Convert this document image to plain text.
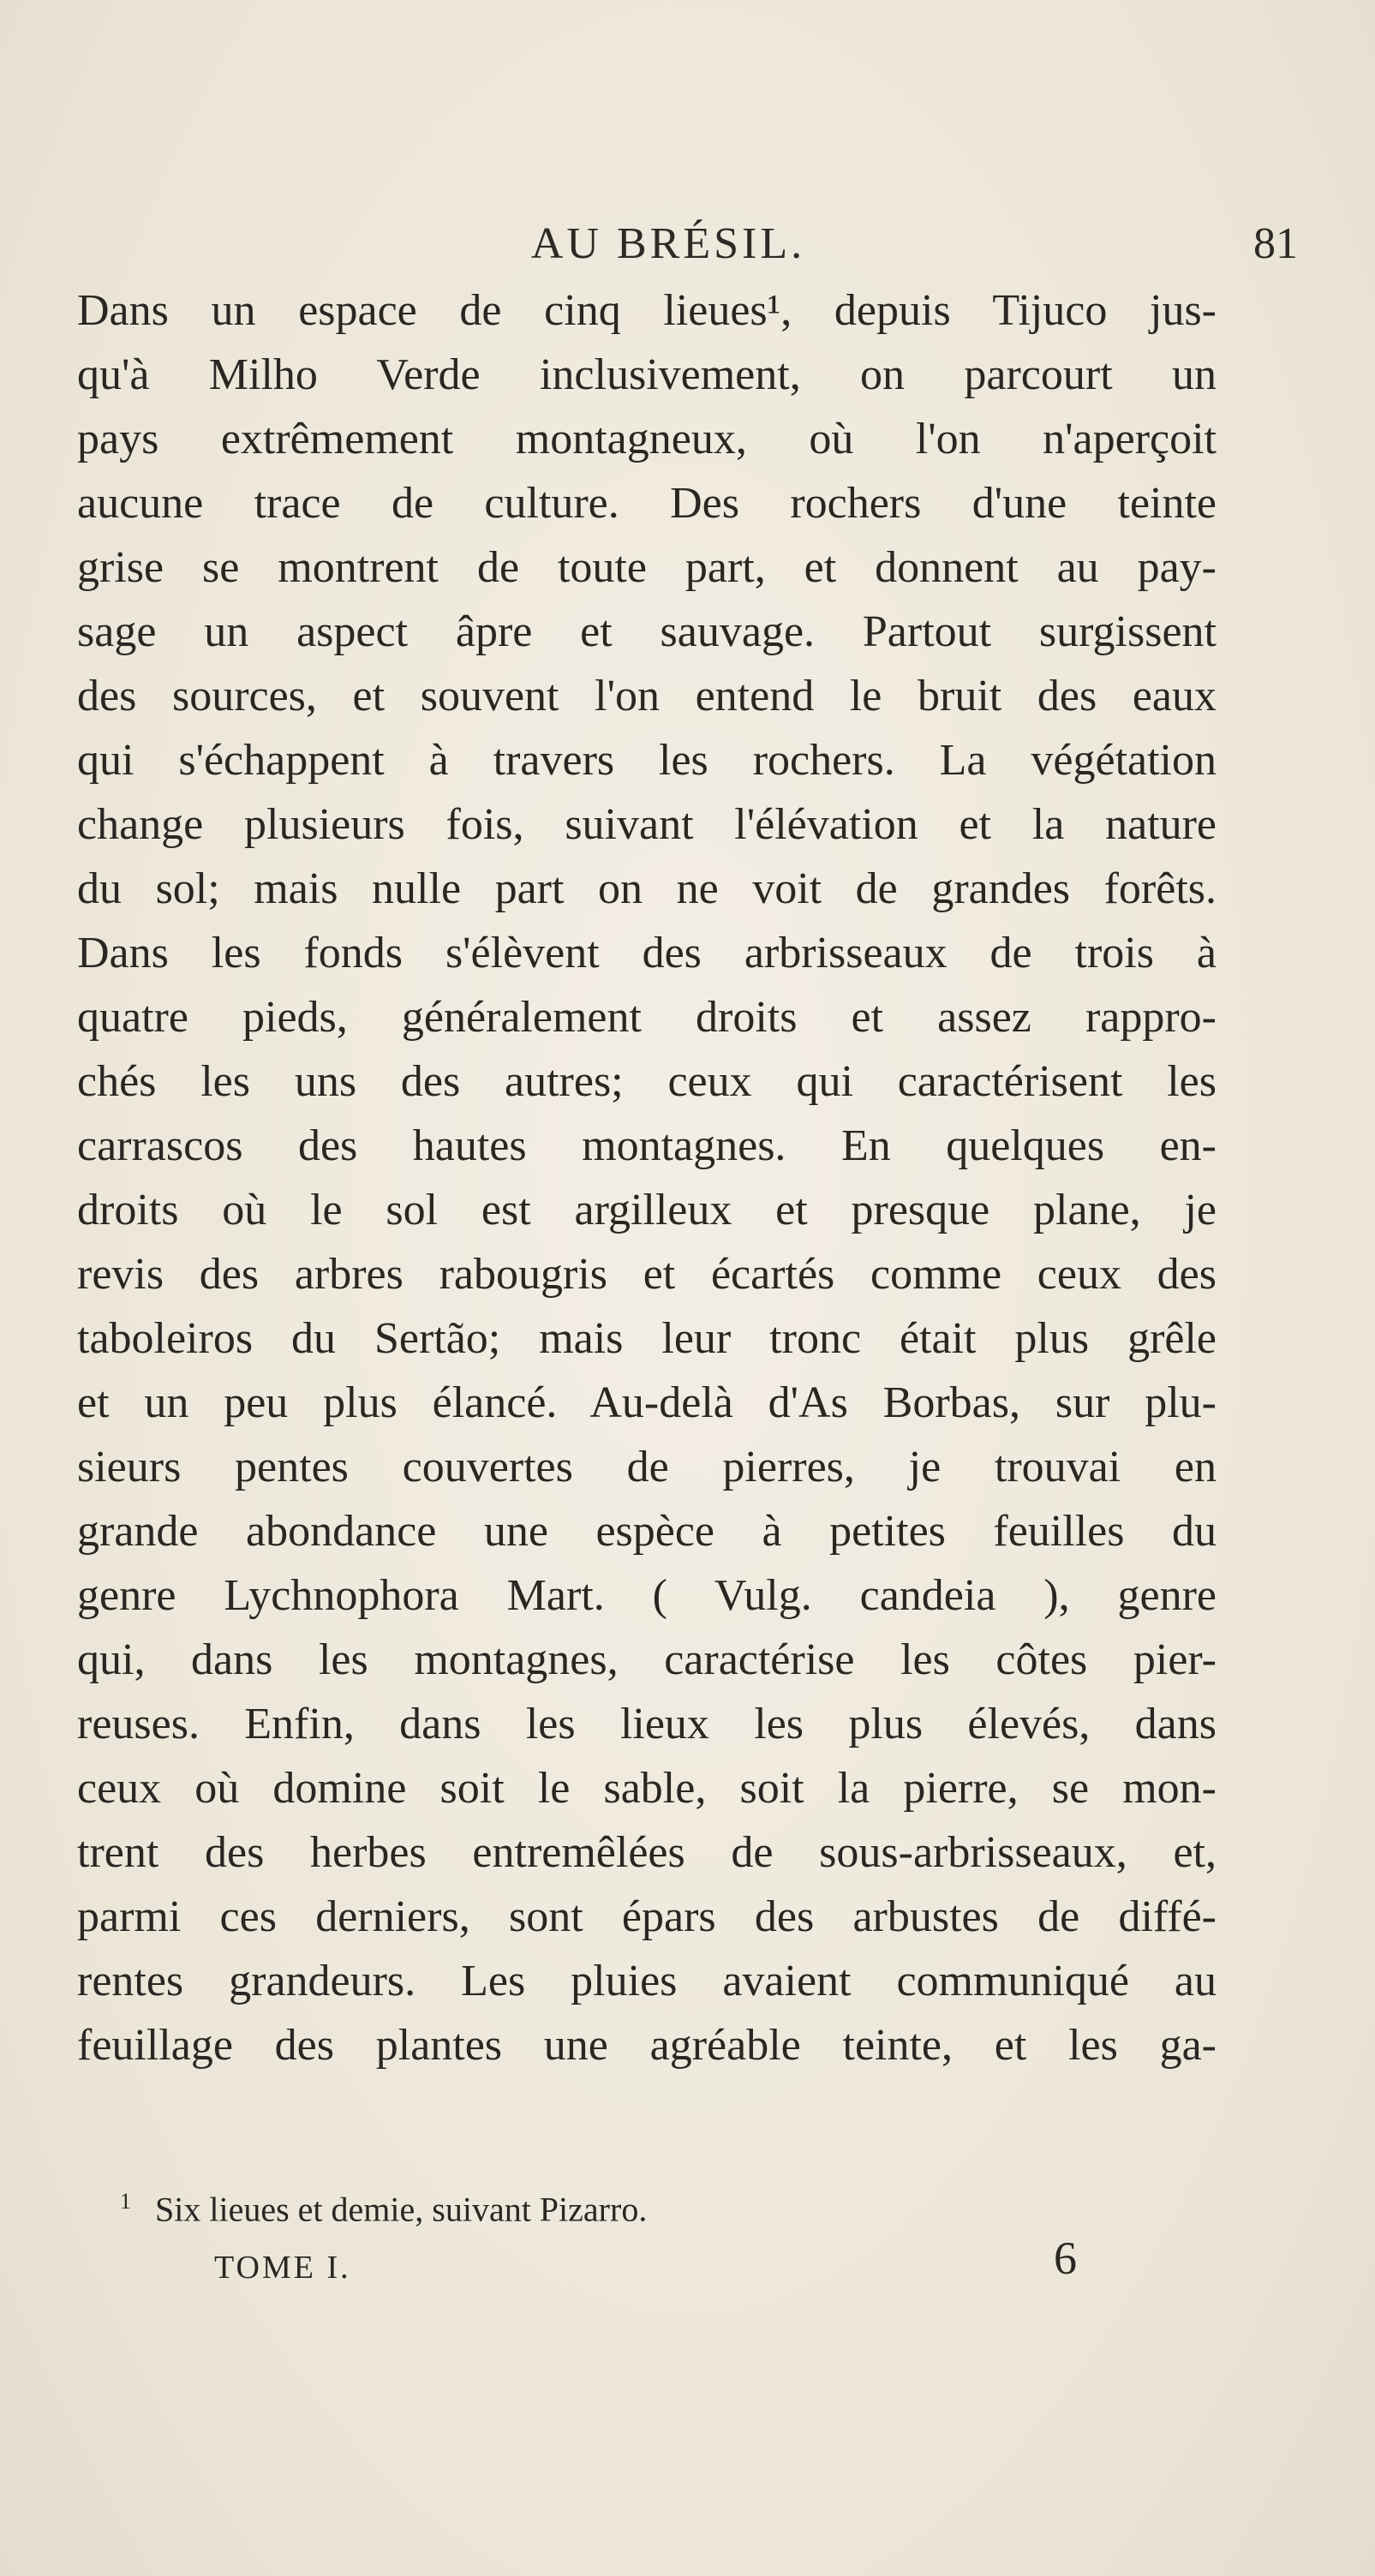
AU BRÉSIL.	81
Dans un espace de cinq lieues¹, depuis Tijuco jus-
qu'à Milho Verde inclusivement, on parcourt un
pays extrêmement montagneux, où l'on n'aperçoit
aucune trace de culture. Des rochers d'une teinte
grise se montrent de toute part, et donnent au pay-
sage un aspect âpre et sauvage. Partout surgissent
des sources, et souvent l'on entend le bruit des eaux
qui s'échappent à travers les rochers. La végétation
change plusieurs fois, suivant l'élévation et la nature
du sol; mais nulle part on ne voit de grandes forêts.
Dans les fonds s'élèvent des arbrisseaux de trois à
quatre pieds, généralement droits et assez rappro-
chés les uns des autres; ceux qui caractérisent les
carrascos des hautes montagnes. En quelques en-
droits où le sol est argilleux et presque plane, je
revis des arbres rabougris et écartés comme ceux des
taboleiros du Sertão; mais leur tronc était plus grêle
et un peu plus élancé. Au-delà d'As Borbas, sur plu-
sieurs pentes couvertes de pierres, je trouvai en
grande abondance une espèce à petites feuilles du
genre Lychnophora Mart. ( Vulg. candeia ), genre
qui, dans les montagnes, caractérise les côtes pier-
reuses. Enfin, dans les lieux les plus élevés, dans
ceux où domine soit le sable, soit la pierre, se mon-
trent des herbes entremêlées de sous-arbrisseaux, et,
parmi ces derniers, sont épars des arbustes de diffé-
rentes grandeurs. Les pluies avaient communiqué au
feuillage des plantes une agréable teinte, et les ga-
$^1$ Six lieues et demie, suivant Pizarro.
TOME I.	6
